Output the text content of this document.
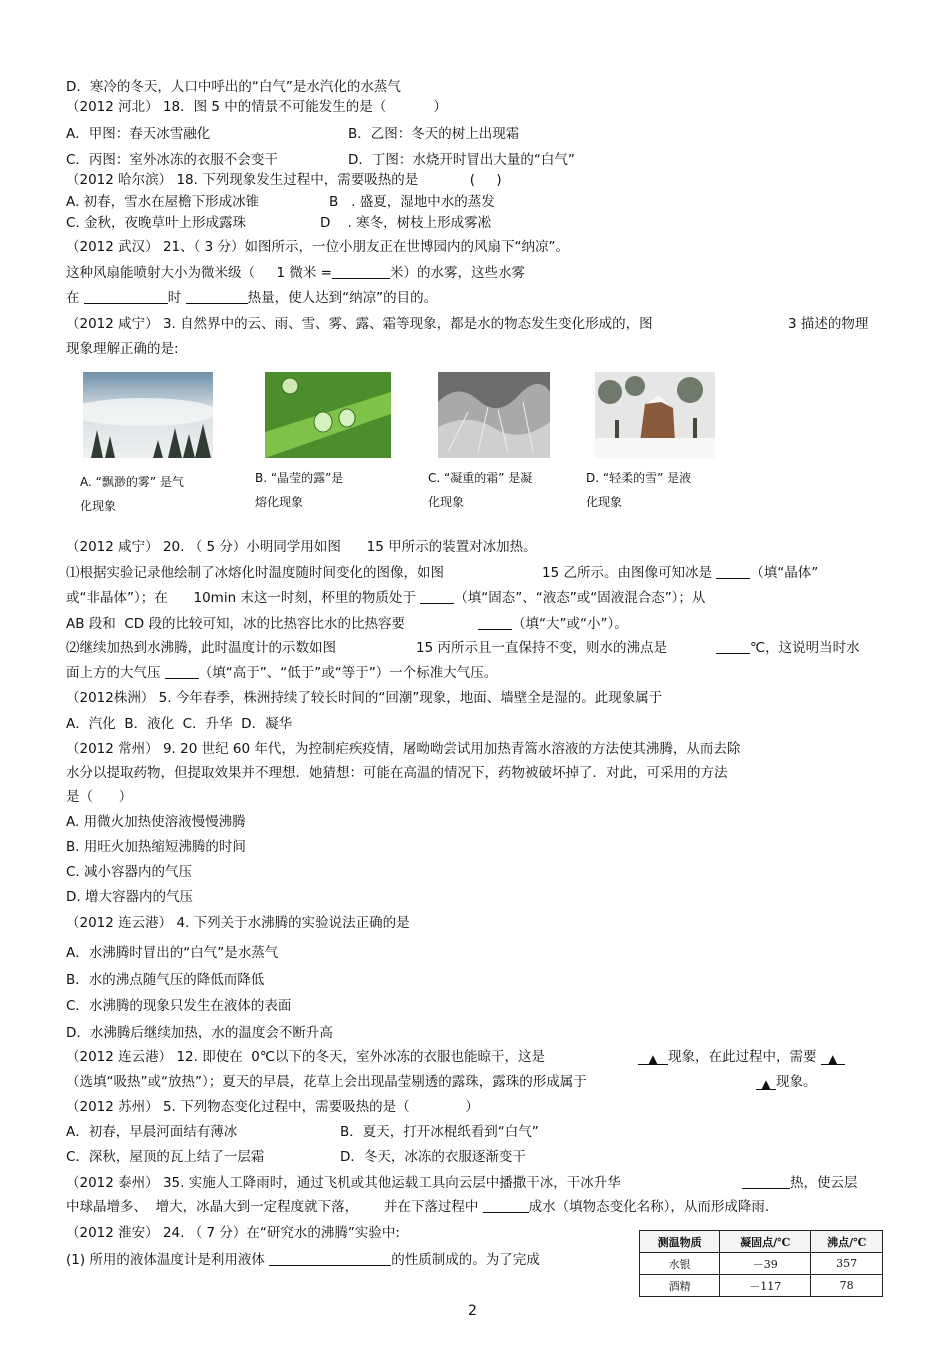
D．寒冷的冬天，人口中呼出的“白气”是水汽化的水蒸气
（2012 河北） 18．图 5 中的情景不可能发生的是（           ）
A．甲图：春天冰雪融化	B．乙图：冬天的树上出现霜
C．丙图：室外冰冻的衣服不会变干	D．丁图：水烧开时冒出大量的“白气”
（2012 哈尔滨） 18. 下列现象发生过程中，需要吸热的是            (     )
A. 初春，雪水在屋檐下形成冰锥	B   . 盛夏，湿地中水的蒸发
C. 金秋，夜晚草叶上形成露珠	D    . 寒冬，树枝上形成雾凇
（2012 武汉） 21、（ 3 分）如图所示，一位小朋友正在世博园内的风扇下“纳凉”。
这种风扇能喷射大小为微米级（     1 微米 =	米）的水雾，这些水雾
在	时	热量，使人达到“纳凉”的目的。
（2012 咸宁） 3. 自然界中的云、雨、雪、雾、露、霜等现象，都是水的物态发生变化形成的，图	3 描述的物理
现象理解正确的是:
A. “飘渺的雾” 是气
化现象
B. “晶莹的露”是
熔化现象
C. “凝重的霜” 是凝
化现象
D. “轻柔的雪” 是液
化现象
（2012 咸宁） 20. （ 5 分）小明同学用如图      15 甲所示的装置对冰加热。
⑴根据实验记录他绘制了冰熔化时温度随时间变化的图像，如图	15 乙所示。由图像可知冰是	（填“晶体”
或“非晶体”）；在      10min 末这一时刻，杯里的物质处于	（填“固态”、“液态”或“固液混合态”）；从
AB 段和  CD 段的比较可知，冰的比热容比水的比热容要	（填“大”或“小”）。
⑵继续加热到水沸腾，此时温度计的示数如图	15 丙所示且一直保持不变，则水的沸点是	℃，这说明当时水
面上方的大气压	（填“高于”、“低于”或“等于”）一个标准大气压。
（2012株洲） 5. 今年春季，株洲持续了较长时间的“回潮”现象，地面、墙壁全是湿的。此现象属于
A．汽化  B．液化  C．升华  D．凝华
（2012 常州） 9. 20 世纪 60 年代，为控制疟疾疫情，屠呦呦尝试用加热青篙水溶液的方法使其沸腾，从而去除
水分以提取药物，但提取效果并不理想．她猜想：可能在高温的情况下，药物被破坏掉了．对此，可采用的方法
是（      ）
A. 用微火加热使溶液慢慢沸腾
B. 用旺火加热缩短沸腾的时间
C. 减小容器内的气压
D. 增大容器内的气压
（2012 连云港） 4. 下列关于水沸腾的实验说法正确的是
A．水沸腾时冒出的“白气”是水蒸气
B．水的沸点随气压的降低而降低
C．水沸腾的现象只发生在液体的表面
D．水沸腾后继续加热，水的温度会不断升高
（2012 连云港） 12. 即使在  0℃以下的冬天，室外冰冻的衣服也能晾干，这是	▲ 现象，在此过程中，需要 ▲
（选填“吸热”或“放热”）；夏天的早晨，花草上会出现晶莹剔透的露珠，露珠的形成属于	▲ 现象。
（2012 苏州） 5. 下列物态变化过程中，需要吸热的是（             ）
A．初春，早晨河面结有薄冰	B．夏天，打开冰棍纸看到“白气”
C．深秋，屋顶的瓦上结了一层霜	D．冬天，冰冻的衣服逐渐变干
（2012 泰州） 35. 实施人工降雨时，通过飞机或其他运载工具向云层中播撒干冰，干冰升华	热，使云层
中球晶增多、  增大，冰晶大到一定程度就下落，      并在下落过程中	成水（填物态变化名称），从而形成降雨.
（2012 淮安） 24. （ 7 分）在“研究水的沸腾”实验中:
(1) 所用的液体温度计是利用液体	的性质制成的。为了完成
测温物质	凝固点/℃	沸点/℃
水银	－39	357
酒精	－117	78
2
